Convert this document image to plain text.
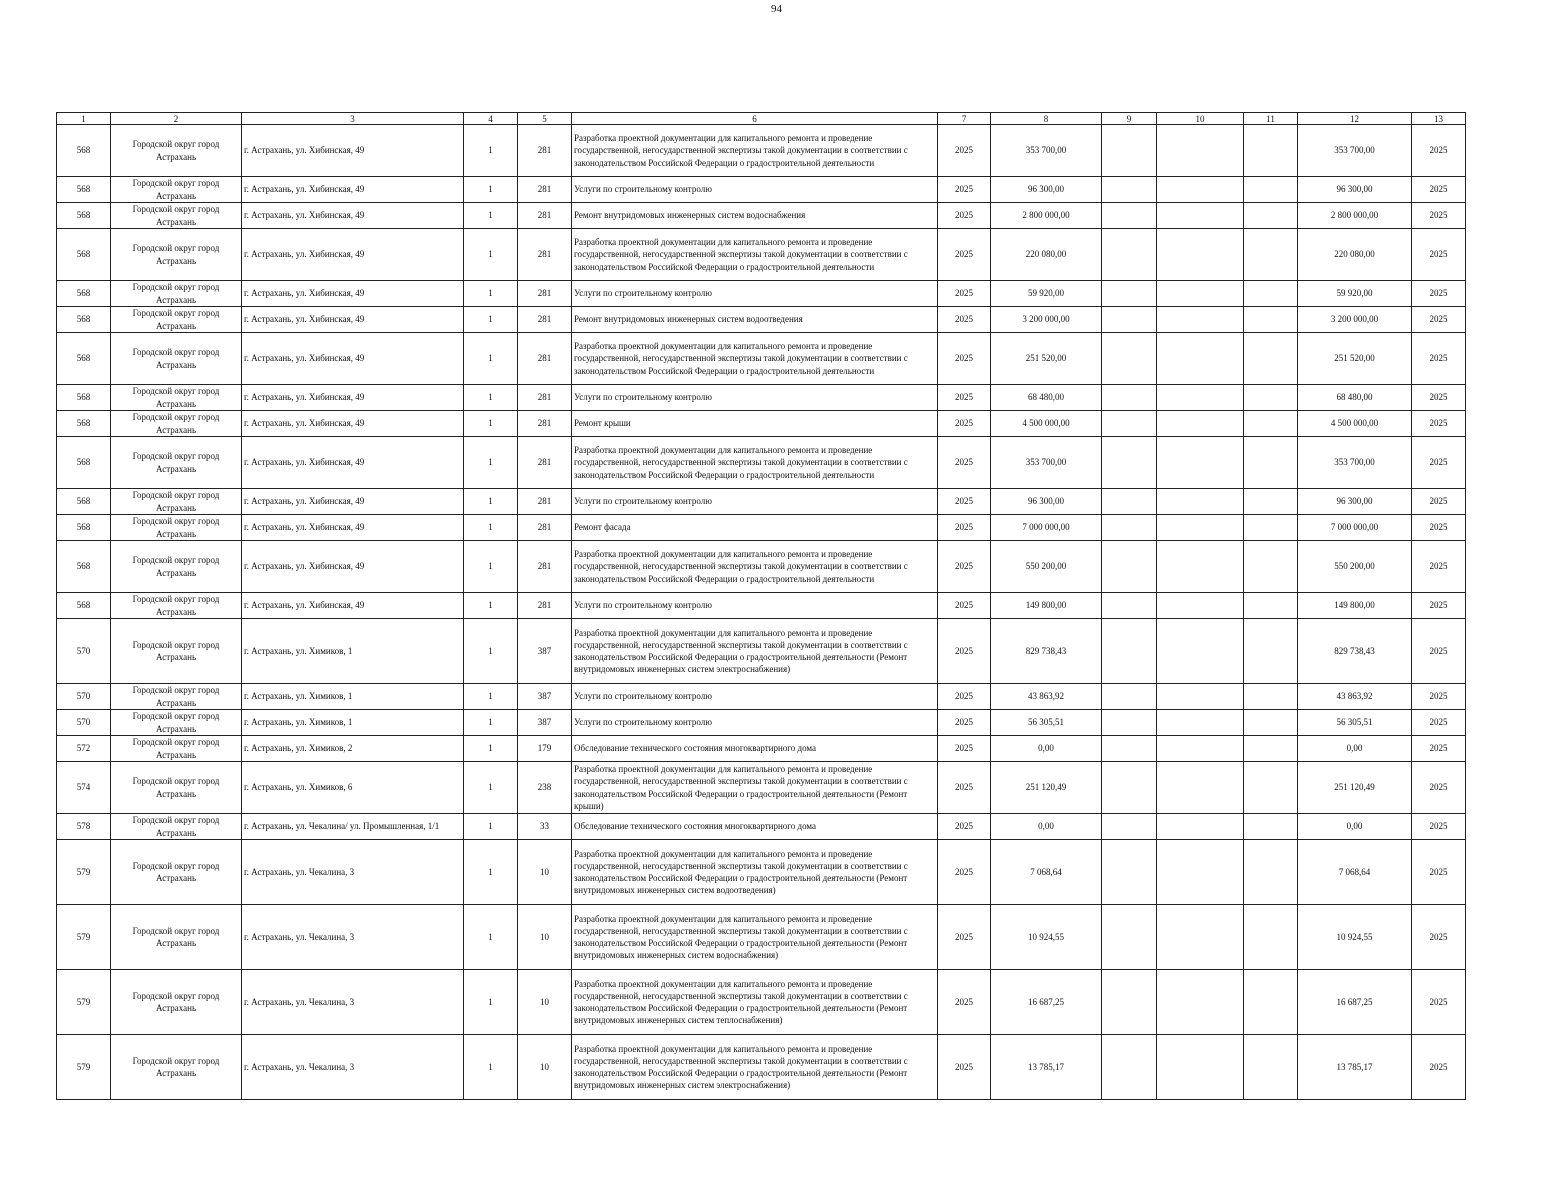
94
1	2	3	4	5	6	7	8	9	10	11	12	13
568	Городской округ город Астрахань	г. Астрахань, ул. Хибинская, 49	1	281	Разработка проектной документации для капитального ремонта и проведение государственной, негосударственной экспертизы такой документации в соответствии с законодательством Российской Федерации о градостроительной деятельности	2025	353 700,00				353 700,00	2025
568	Городской округ город Астрахань	г. Астрахань, ул. Хибинская, 49	1	281	Услуги по строительному контролю	2025	96 300,00				96 300,00	2025
568	Городской округ город Астрахань	г. Астрахань, ул. Хибинская, 49	1	281	Ремонт внутридомовых инженерных систем водоснабжения	2025	2 800 000,00				2 800 000,00	2025
568	Городской округ город Астрахань	г. Астрахань, ул. Хибинская, 49	1	281	Разработка проектной документации для капитального ремонта и проведение государственной, негосударственной экспертизы такой документации в соответствии с законодательством Российской Федерации о градостроительной деятельности	2025	220 080,00				220 080,00	2025
568	Городской округ город Астрахань	г. Астрахань, ул. Хибинская, 49	1	281	Услуги по строительному контролю	2025	59 920,00				59 920,00	2025
568	Городской округ город Астрахань	г. Астрахань, ул. Хибинская, 49	1	281	Ремонт внутридомовых инженерных систем водоотведения	2025	3 200 000,00				3 200 000,00	2025
568	Городской округ город Астрахань	г. Астрахань, ул. Хибинская, 49	1	281	Разработка проектной документации для капитального ремонта и проведение государственной, негосударственной экспертизы такой документации в соответствии с законодательством Российской Федерации о градостроительной деятельности	2025	251 520,00				251 520,00	2025
568	Городской округ город Астрахань	г. Астрахань, ул. Хибинская, 49	1	281	Услуги по строительному контролю	2025	68 480,00				68 480,00	2025
568	Городской округ город Астрахань	г. Астрахань, ул. Хибинская, 49	1	281	Ремонт крыши	2025	4 500 000,00				4 500 000,00	2025
568	Городской округ город Астрахань	г. Астрахань, ул. Хибинская, 49	1	281	Разработка проектной документации для капитального ремонта и проведение государственной, негосударственной экспертизы такой документации в соответствии с законодательством Российской Федерации о градостроительной деятельности	2025	353 700,00				353 700,00	2025
568	Городской округ город Астрахань	г. Астрахань, ул. Хибинская, 49	1	281	Услуги по строительному контролю	2025	96 300,00				96 300,00	2025
568	Городской округ город Астрахань	г. Астрахань, ул. Хибинская, 49	1	281	Ремонт фасада	2025	7 000 000,00				7 000 000,00	2025
568	Городской округ город Астрахань	г. Астрахань, ул. Хибинская, 49	1	281	Разработка проектной документации для капитального ремонта и проведение государственной, негосударственной экспертизы такой документации в соответствии с законодательством Российской Федерации о градостроительной деятельности	2025	550 200,00				550 200,00	2025
568	Городской округ город Астрахань	г. Астрахань, ул. Хибинская, 49	1	281	Услуги по строительному контролю	2025	149 800,00				149 800,00	2025
570	Городской округ город Астрахань	г. Астрахань, ул. Химиков, 1	1	387	Разработка проектной документации для капитального ремонта и проведение государственной, негосударственной экспертизы такой документации в соответствии с законодательством Российской Федерации о градостроительной деятельности (Ремонт внутридомовых инженерных систем электроснабжения)	2025	829 738,43				829 738,43	2025
570	Городской округ город Астрахань	г. Астрахань, ул. Химиков, 1	1	387	Услуги по строительному контролю	2025	43 863,92				43 863,92	2025
570	Городской округ город Астрахань	г. Астрахань, ул. Химиков, 1	1	387	Услуги по строительному контролю	2025	56 305,51				56 305,51	2025
572	Городской округ город Астрахань	г. Астрахань, ул. Химиков, 2	1	179	Обследование технического состояния многоквартирного дома	2025	0,00				0,00	2025
574	Городской округ город Астрахань	г. Астрахань, ул. Химиков, 6	1	238	Разработка проектной документации для капитального ремонта и проведение государственной, негосударственной экспертизы такой документации в соответствии с законодательством Российской Федерации о градостроительной деятельности (Ремонт крыши)	2025	251 120,49				251 120,49	2025
578	Городской округ город Астрахань	г. Астрахань, ул. Чекалина/ ул. Промышленная, 1/1	1	33	Обследование технического состояния многоквартирного дома	2025	0,00				0,00	2025
579	Городской округ город Астрахань	г. Астрахань, ул. Чекалина, 3	1	10	Разработка проектной документации для капитального ремонта и проведение государственной, негосударственной экспертизы такой документации в соответствии с законодательством Российской Федерации о градостроительной деятельности (Ремонт внутридомовых инженерных систем водоотведения)	2025	7 068,64				7 068,64	2025
579	Городской округ город Астрахань	г. Астрахань, ул. Чекалина, 3	1	10	Разработка проектной документации для капитального ремонта и проведение государственной, негосударственной экспертизы такой документации в соответствии с законодательством Российской Федерации о градостроительной деятельности (Ремонт внутридомовых инженерных систем водоснабжения)	2025	10 924,55				10 924,55	2025
579	Городской округ город Астрахань	г. Астрахань, ул. Чекалина, 3	1	10	Разработка проектной документации для капитального ремонта и проведение государственной, негосударственной экспертизы такой документации в соответствии с законодательством Российской Федерации о градостроительной деятельности (Ремонт внутридомовых инженерных систем теплоснабжения)	2025	16 687,25				16 687,25	2025
579	Городской округ город Астрахань	г. Астрахань, ул. Чекалина, 3	1	10	Разработка проектной документации для капитального ремонта и проведение государственной, негосударственной экспертизы такой документации в соответствии с законодательством Российской Федерации о градостроительной деятельности (Ремонт внутридомовых инженерных систем электроснабжения)	2025	13 785,17				13 785,17	2025
